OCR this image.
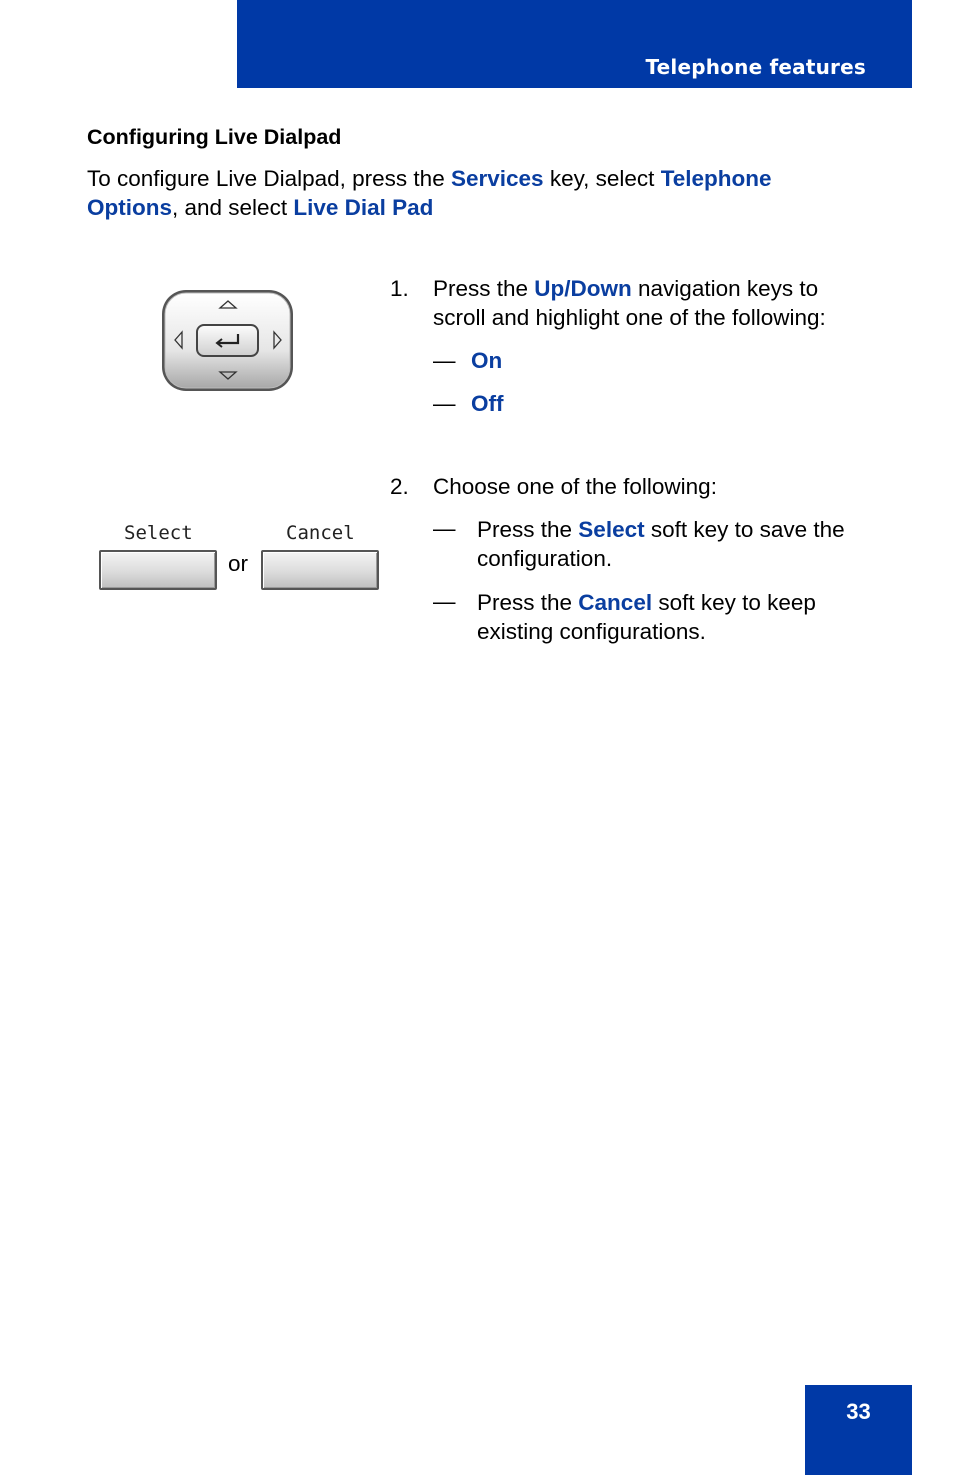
Telephone features
Configuring Live Dialpad
To configure Live Dialpad, press the Services key, select Telephone Options, and select Live Dial Pad
1. Press the Up/Down navigation keys to scroll and highlight one of the following:
— On
— Off
2. Choose one of the following:
— Press the Select soft key to save the configuration.
— Press the Cancel soft key to keep existing configurations.
Select
or
Cancel
33
